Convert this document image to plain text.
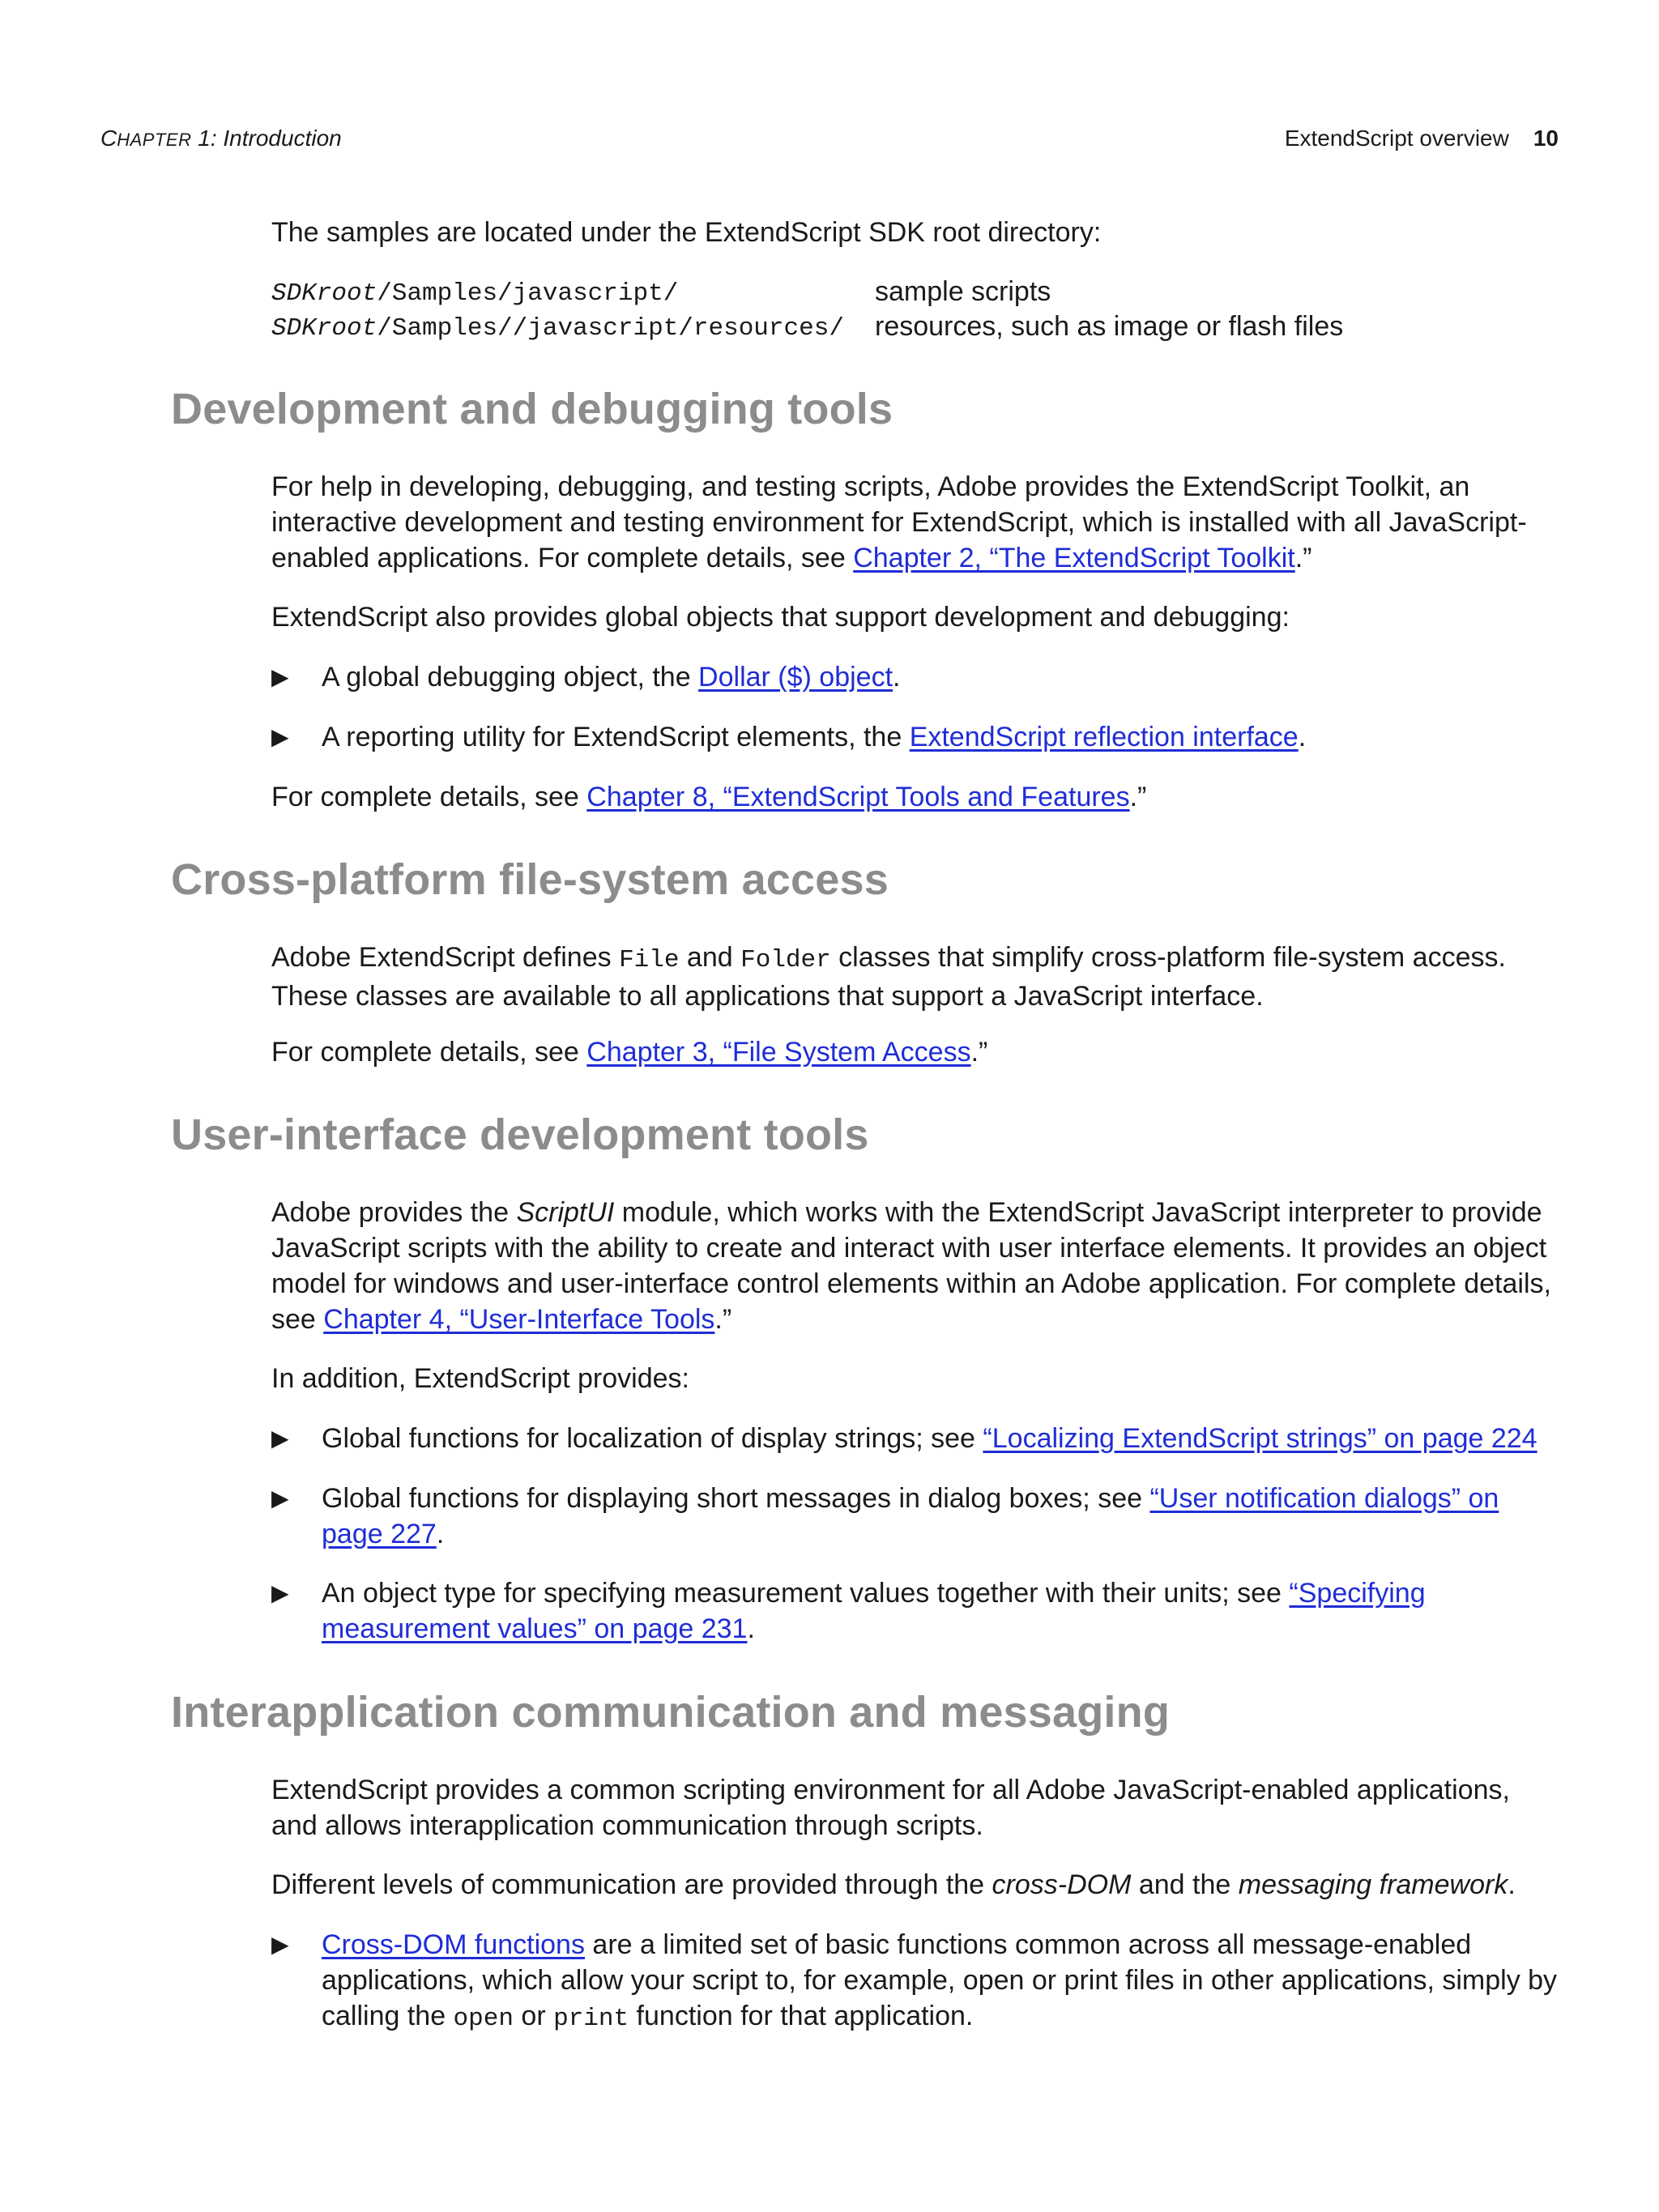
CHAPTER 1: Introduction	ExtendScript overview 10

The samples are located under the ExtendScript SDK root directory:

SDKroot/Samples/javascript/	sample scripts
SDKroot/Samples//javascript/resources/ resources, such as image or flash files
Development and debugging tools

For help in developing, debugging, and testing scripts, Adobe provides the ExtendScript Toolkit, an interactive development and testing environment for ExtendScript, which is installed with all JavaScript-enabled applications. For complete details, see Chapter 2, “The ExtendScript Toolkit.”

ExtendScript also provides global objects that support development and debugging:

▶ A global debugging object, the Dollar ($) object.
▶ A reporting utility for ExtendScript elements, the ExtendScript reflection interface.

For complete details, see Chapter 8, “ExtendScript Tools and Features.”

Cross-platform file-system access

Adobe ExtendScript defines File and Folder classes that simplify cross-platform file-system access. These classes are available to all applications that support a JavaScript interface.

For complete details, see Chapter 3, “File System Access.”

User-interface development tools

Adobe provides the ScriptUI module, which works with the ExtendScript JavaScript interpreter to provide JavaScript scripts with the ability to create and interact with user interface elements. It provides an object model for windows and user-interface control elements within an Adobe application. For complete details, see Chapter 4, “User-Interface Tools.”

In addition, ExtendScript provides:

▶ Global functions for localization of display strings; see “Localizing ExtendScript strings” on page 224
▶ Global functions for displaying short messages in dialog boxes; see “User notification dialogs” on page 227.
▶ An object type for specifying measurement values together with their units; see “Specifying measurement values” on page 231.
Interapplication communication and messaging

ExtendScript provides a common scripting environment for all Adobe JavaScript-enabled applications, and allows interapplication communication through scripts.

Different levels of communication are provided through the cross-DOM and the messaging framework.

▶ Cross-DOM functions are a limited set of basic functions common across all message-enabled applications, which allow your script to, for example, open or print files in other applications, simply by calling the open or print function for that application.
